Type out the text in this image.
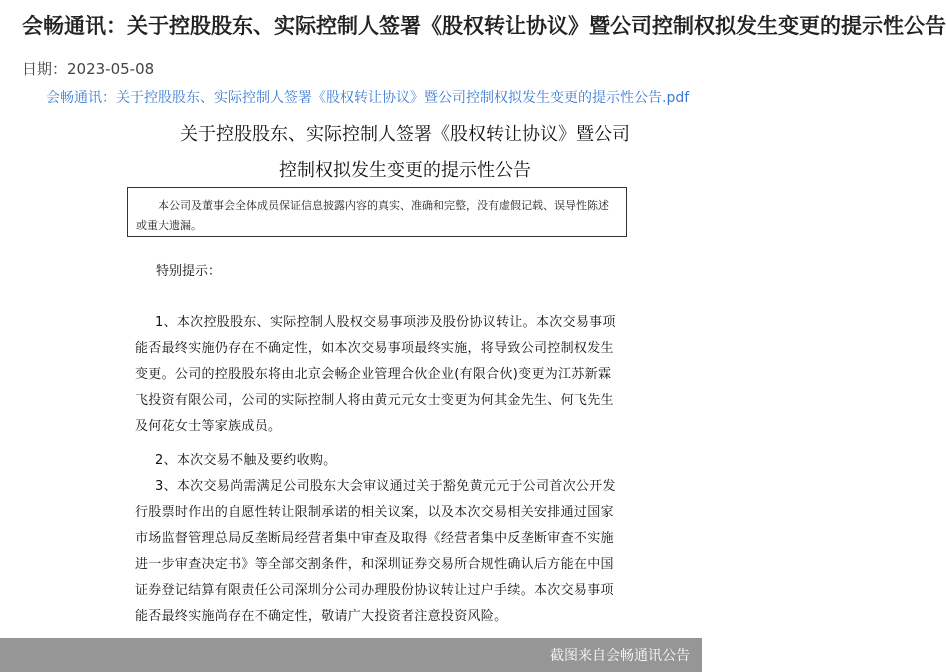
会畅通讯：关于控股股东、实际控制人签署《股权转让协议》暨公司控制权拟发生变更的提示性公告
日期：2023-05-08
会畅通讯：关于控股股东、实际控制人签署《股权转让协议》暨公司控制权拟发生变更的提示性公告.pdf
关于控股股东、实际控制人签署《股权转让协议》暨公司
控制权拟发生变更的提示性公告
本公司及董事会全体成员保证信息披露内容的真实、准确和完整，没有虚假记载、误导性陈述或重大遗漏。
特别提示：
1、本次控股股东、实际控制人股权交易事项涉及股份协议转让。本次交易事项能否最终实施仍存在不确定性，如本次交易事项最终实施，将导致公司控制权发生变更。公司的控股股东将由北京会畅企业管理合伙企业(有限合伙)变更为江苏新霖飞投资有限公司，公司的实际控制人将由黄元元女士变更为何其金先生、何飞先生及何花女士等家族成员。
2、本次交易不触及要约收购。
3、本次交易尚需满足公司股东大会审议通过关于豁免黄元元于公司首次公开发行股票时作出的自愿性转让限制承诺的相关议案，以及本次交易相关安排通过国家市场监督管理总局反垄断局经营者集中审查及取得《经营者集中反垄断审查不实施进一步审查决定书》等全部交割条件，和深圳证券交易所合规性确认后方能在中国证券登记结算有限责任公司深圳分公司办理股份协议转让过户手续。本次交易事项能否最终实施尚存在不确定性，敬请广大投资者注意投资风险。
截图来自会畅通讯公告
